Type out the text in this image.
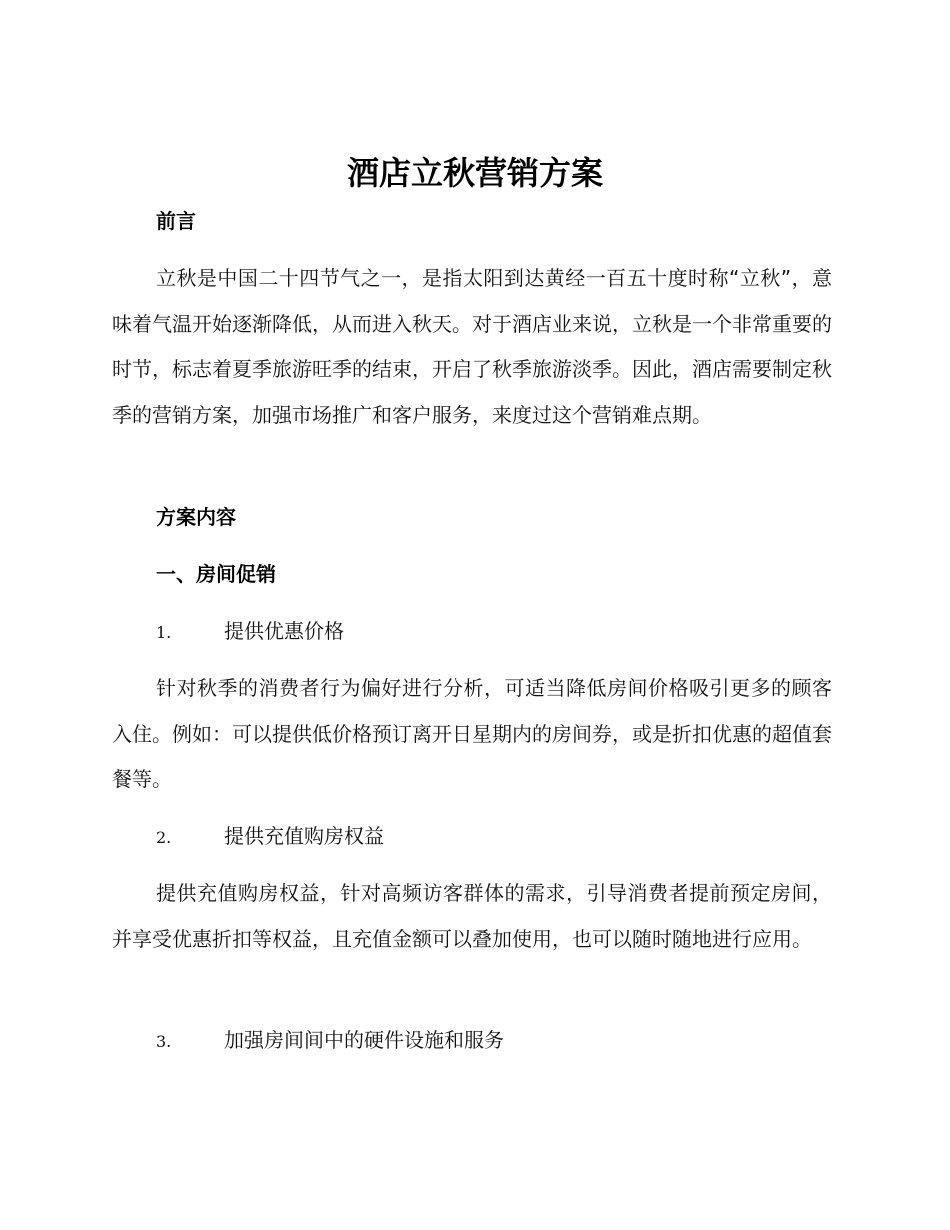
酒店立秋营销方案
前言

立秋是中国二十四节气之一，是指太阳到达黄经一百五十度时称“立秋”，意味着气温开始逐渐降低，从而进入秋天。对于酒店业来说，立秋是一个非常重要的时节，标志着夏季旅游旺季的结束，开启了秋季旅游淡季。因此，酒店需要制定秋季的营销方案，加强市场推广和客户服务，来度过这个营销难点期。

方案内容
一、房间促销
1.	提供优惠价格

针对秋季的消费者行为偏好进行分析，可适当降低房间价格吸引更多的顾客入住。例如：可以提供低价格预订离开日星期内的房间券，或是折扣优惠的超值套餐等。

2.	提供充值购房权益

提供充值购房权益，针对高频访客群体的需求，引导消费者提前预定房间，并享受优惠折扣等权益，且充值金额可以叠加使用，也可以随时随地进行应用。

3.	加强房间间中的硬件设施和服务
